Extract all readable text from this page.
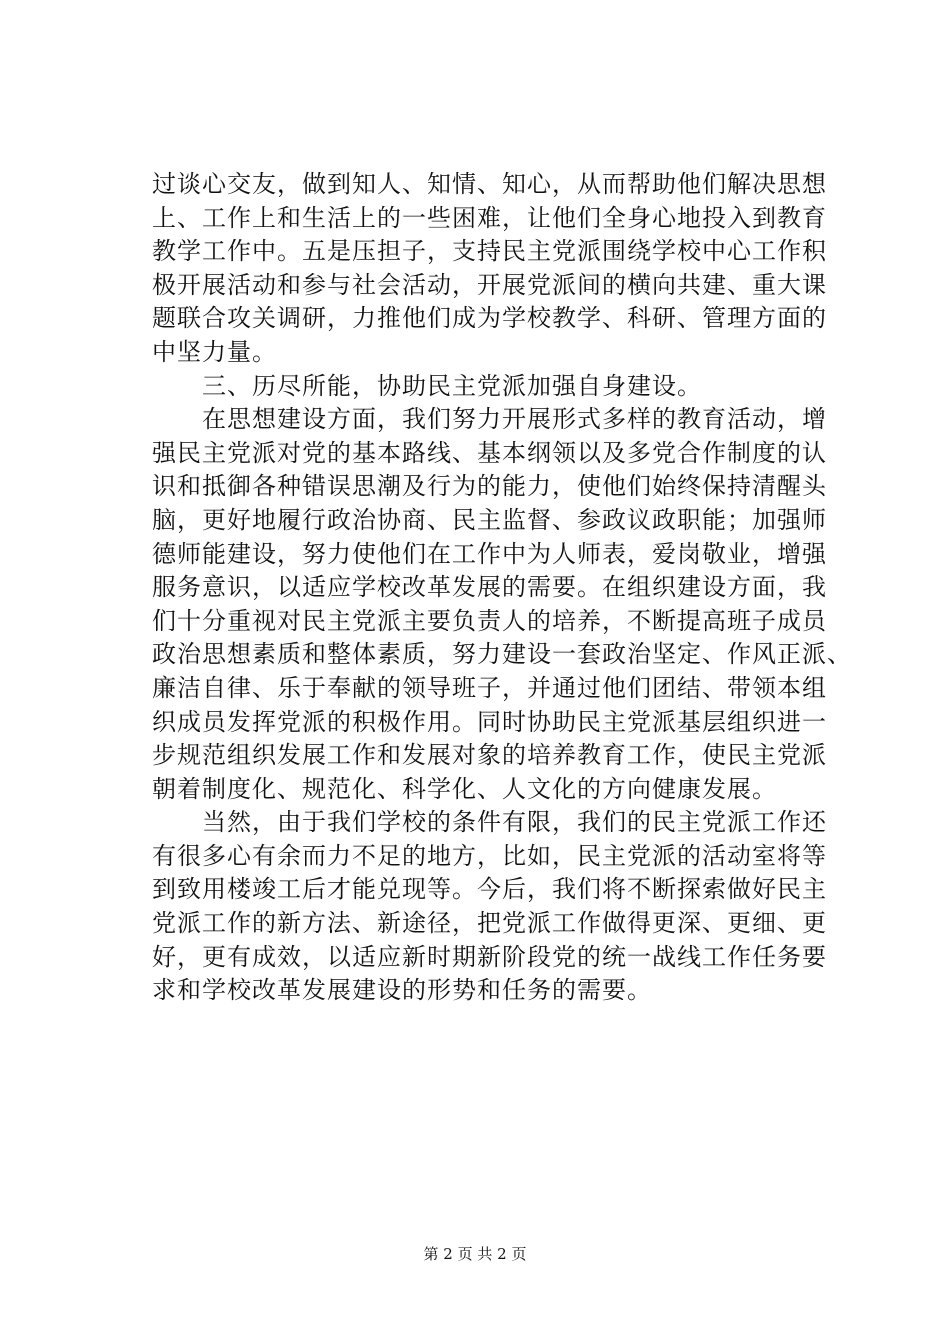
过谈心交友，做到知人、知情、知心，从而帮助他们解决思想
上、工作上和生活上的一些困难，让他们全身心地投入到教育
教学工作中。五是压担子，支持民主党派围绕学校中心工作积
极开展活动和参与社会活动，开展党派间的横向共建、重大课
题联合攻关调研，力推他们成为学校教学、科研、管理方面的
中坚力量。
三、历尽所能，协助民主党派加强自身建设。
在思想建设方面，我们努力开展形式多样的教育活动，增
强民主党派对党的基本路线、基本纲领以及多党合作制度的认
识和抵御各种错误思潮及行为的能力，使他们始终保持清醒头
脑，更好地履行政治协商、民主监督、参政议政职能；加强师
德师能建设，努力使他们在工作中为人师表，爱岗敬业，增强
服务意识，以适应学校改革发展的需要。在组织建设方面，我
们十分重视对民主党派主要负责人的培养，不断提高班子成员
政治思想素质和整体素质，努力建设一套政治坚定、作风正派、
廉洁自律、乐于奉献的领导班子，并通过他们团结、带领本组
织成员发挥党派的积极作用。同时协助民主党派基层组织进一
步规范组织发展工作和发展对象的培养教育工作，使民主党派
朝着制度化、规范化、科学化、人文化的方向健康发展。
当然，由于我们学校的条件有限，我们的民主党派工作还
有很多心有余而力不足的地方，比如，民主党派的活动室将等
到致用楼竣工后才能兑现等。今后，我们将不断探索做好民主
党派工作的新方法、新途径，把党派工作做得更深、更细、更
好，更有成效，以适应新时期新阶段党的统一战线工作任务要
求和学校改革发展建设的形势和任务的需要。
第 2 页 共 2 页
